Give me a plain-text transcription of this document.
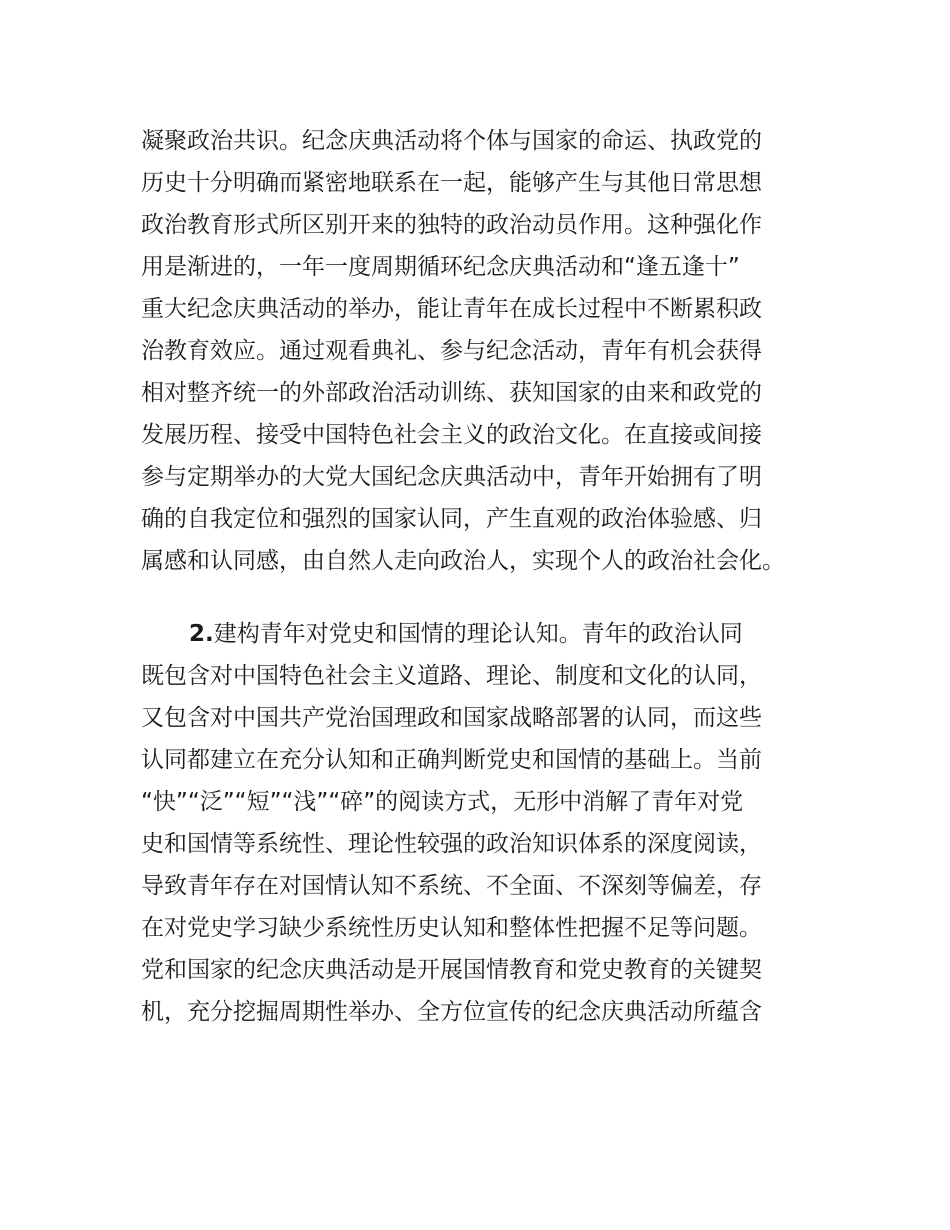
凝聚政治共识。纪念庆典活动将个体与国家的命运、执政党的

历史十分明确而紧密地联系在一起，能够产生与其他日常思想

政治教育形式所区别开来的独特的政治动员作用。这种强化作

用是渐进的，一年一度周期循环纪念庆典活动和“逢五逢十”

重大纪念庆典活动的举办，能让青年在成长过程中不断累积政

治教育效应。通过观看典礼、参与纪念活动，青年有机会获得

相对整齐统一的外部政治活动训练、获知国家的由来和政党的

发展历程、接受中国特色社会主义的政治文化。在直接或间接

参与定期举办的大党大国纪念庆典活动中，青年开始拥有了明

确的自我定位和强烈的国家认同，产生直观的政治体验感、归

属感和认同感，由自然人走向政治人，实现个人的政治社会化。

2.建构青年对党史和国情的理论认知。青年的政治认同

既包含对中国特色社会主义道路、理论、制度和文化的认同，

又包含对中国共产党治国理政和国家战略部署的认同，而这些

认同都建立在充分认知和正确判断党史和国情的基础上。当前

“快”“泛”“短”“浅”“碎”的阅读方式，无形中消解了青年对党

史和国情等系统性、理论性较强的政治知识体系的深度阅读，

导致青年存在对国情认知不系统、不全面、不深刻等偏差，存

在对党史学习缺少系统性历史认知和整体性把握不足等问题。

党和国家的纪念庆典活动是开展国情教育和党史教育的关键契

机，充分挖掘周期性举办、全方位宣传的纪念庆典活动所蕴含
